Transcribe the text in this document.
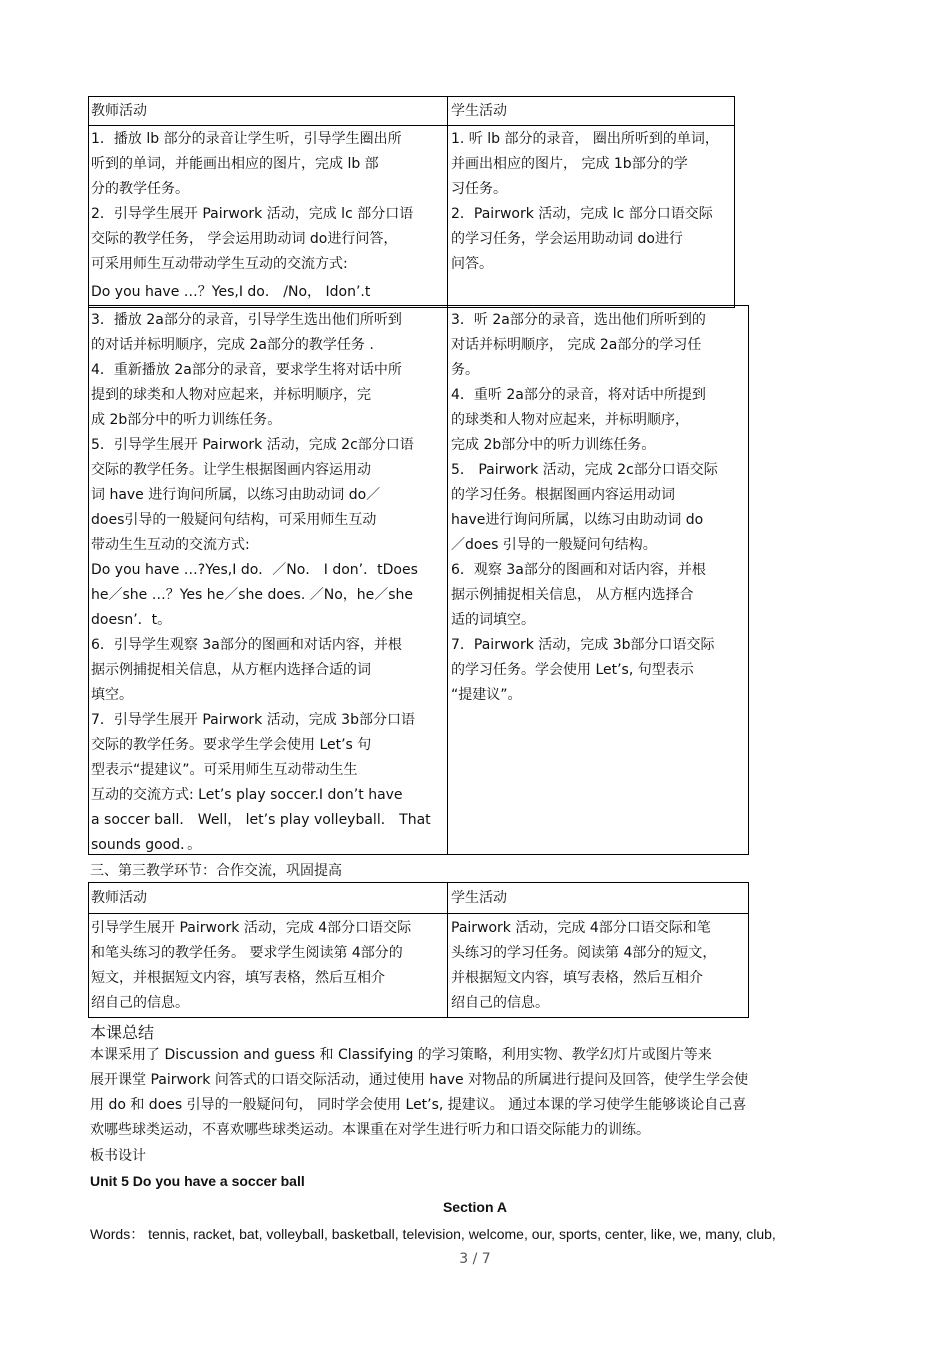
教师活动	学生活动

1．播放 lb 部分的录音让学生听，引导学生圈出所

听到的单词，并能画出相应的图片，完成 lb 部

分的教学任务。

2．引导学生展开 Pairwork 活动，完成 lc 部分口语

交际的教学任务， 学会运用助动词 do进行问答，

可采用师生互动带动学生互动的交流方式:

Do you have …？Yes,I do． /No， Idon’.t

1. 听 lb 部分的录音， 圈出所听到的单词，

并画出相应的图片， 完成 1b部分的学

习任务。

2．Pairwork 活动，完成 lc 部分口语交际

的学习任务，学会运用助动词 do进行

问答。

3．播放 2a部分的录音，引导学生选出他们所听到

的对话并标明顺序，完成 2a部分的教学任务 .

4．重新播放 2a部分的录音，要求学生将对话中所

提到的球类和人物对应起来，并标明顺序，完

成 2b部分中的听力训练任务。

5．引导学生展开 Pairwork 活动，完成 2c部分口语

交际的教学任务。让学生根据图画内容运用动

词 have 进行询问所属，以练习由助动词 do／

does引导的一般疑问句结构，可采用师生互动

带动生生互动的交流方式:

Do you have …?Yes,I do．／No． I don’．tDoes

he／she …？Yes he／she does. ／No，he／she

doesn’．t。

6．引导学生观察 3a部分的图画和对话内容，并根

据示例捕捉相关信息，从方框内选择合适的词

填空。

7．引导学生展开 Pairwork 活动，完成 3b部分口语

交际的教学任务。要求学生学会使用 Let’s 句

型表示“提建议”。可采用师生互动带动生生

互动的交流方式: Let’s play soccer.I don’t have

a soccer ball． Well， let’s play volleyball． That

sounds good．。

3．听 2a部分的录音，选出他们所听到的

对话并标明顺序， 完成 2a部分的学习任

务。

4．重听 2a部分的录音，将对话中所提到

的球类和人物对应起来，并标明顺序，

完成 2b部分中的听力训练任务。

5． Pairwork 活动，完成 2c部分口语交际

的学习任务。根据图画内容运用动词

have进行询问所属，以练习由助动词 do

／does 引导的一般疑问句结构。

6．观察 3a部分的图画和对话内容，并根

据示例捕捉相关信息， 从方框内选择合

适的词填空。

7．Pairwork 活动，完成 3b部分口语交际

的学习任务。学会使用 Let’s, 句型表示

“提建议”。

三、第三教学环节：合作交流，巩固提高
教师活动	学生活动

引导学生展开 Pairwork 活动，完成 4部分口语交际

和笔头练习的教学任务。 要求学生阅读第 4部分的

短文，并根据短文内容，填写表格，然后互相介

绍自己的信息。

Pairwork 活动，完成 4部分口语交际和笔

头练习的学习任务。阅读第 4部分的短文，

并根据短文内容，填写表格，然后互相介

绍自己的信息。

本课总结

本课采用了 Discussion and guess 和 Classifying 的学习策略，利用实物、教学幻灯片或图片等来

展开课堂 Pairwork 问答式的口语交际活动，通过使用 have 对物品的所属进行提问及回答，使学生学会使

用 do 和 does 引导的一般疑问句， 同时学会使用 Let’s, 提建议。 通过本课的学习使学生能够谈论自己喜

欢哪些球类运动，不喜欢哪些球类运动。本课重在对学生进行听力和口语交际能力的训练。

板书设计
Unit 5 Do you have a soccer ball
Section A
Words： tennis, racket, bat, volleyball, basketball, television, welcome, our, sports, center, like, we, many, club,
3 / 7
